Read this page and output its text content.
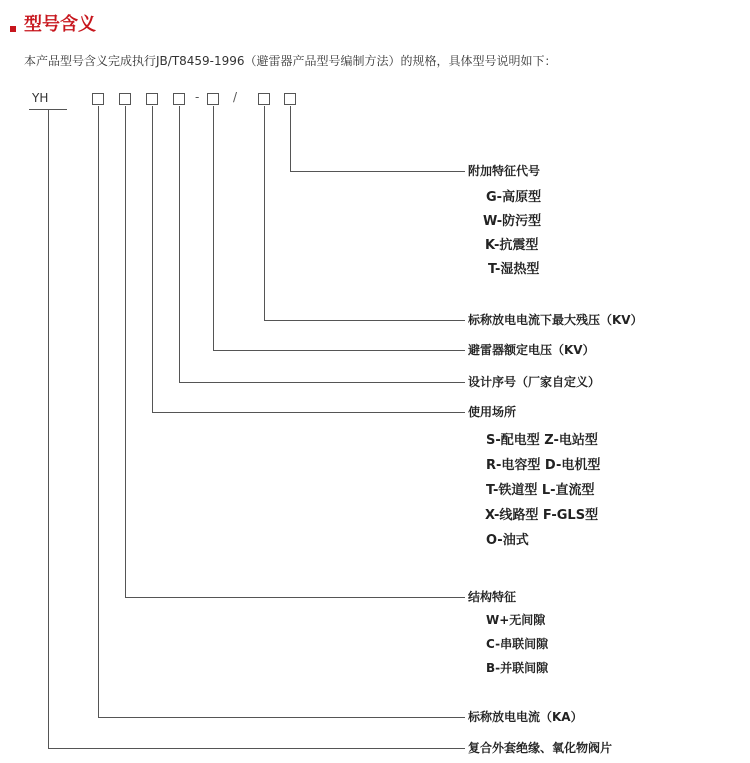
型号含义
本产品型号含义完成执行JB/T8459-1996（避雷器产品型号编制方法）的规格，具体型号说明如下：
YH	-	/
附加特征代号
G-高原型
W-防污型
K-抗震型
T-湿热型
标称放电电流下最大残压（KV）
避雷器额定电压（KV）
设计序号（厂家自定义）
使用场所
S-配电型 Z-电站型
R-电容型 D-电机型
T-铁道型 L-直流型
X-线路型 F-GLS型
O-油式
结构特征
W+无间隙
C-串联间隙
B-并联间隙
标称放电电流（KA）
复合外套绝缘、氧化物阀片
